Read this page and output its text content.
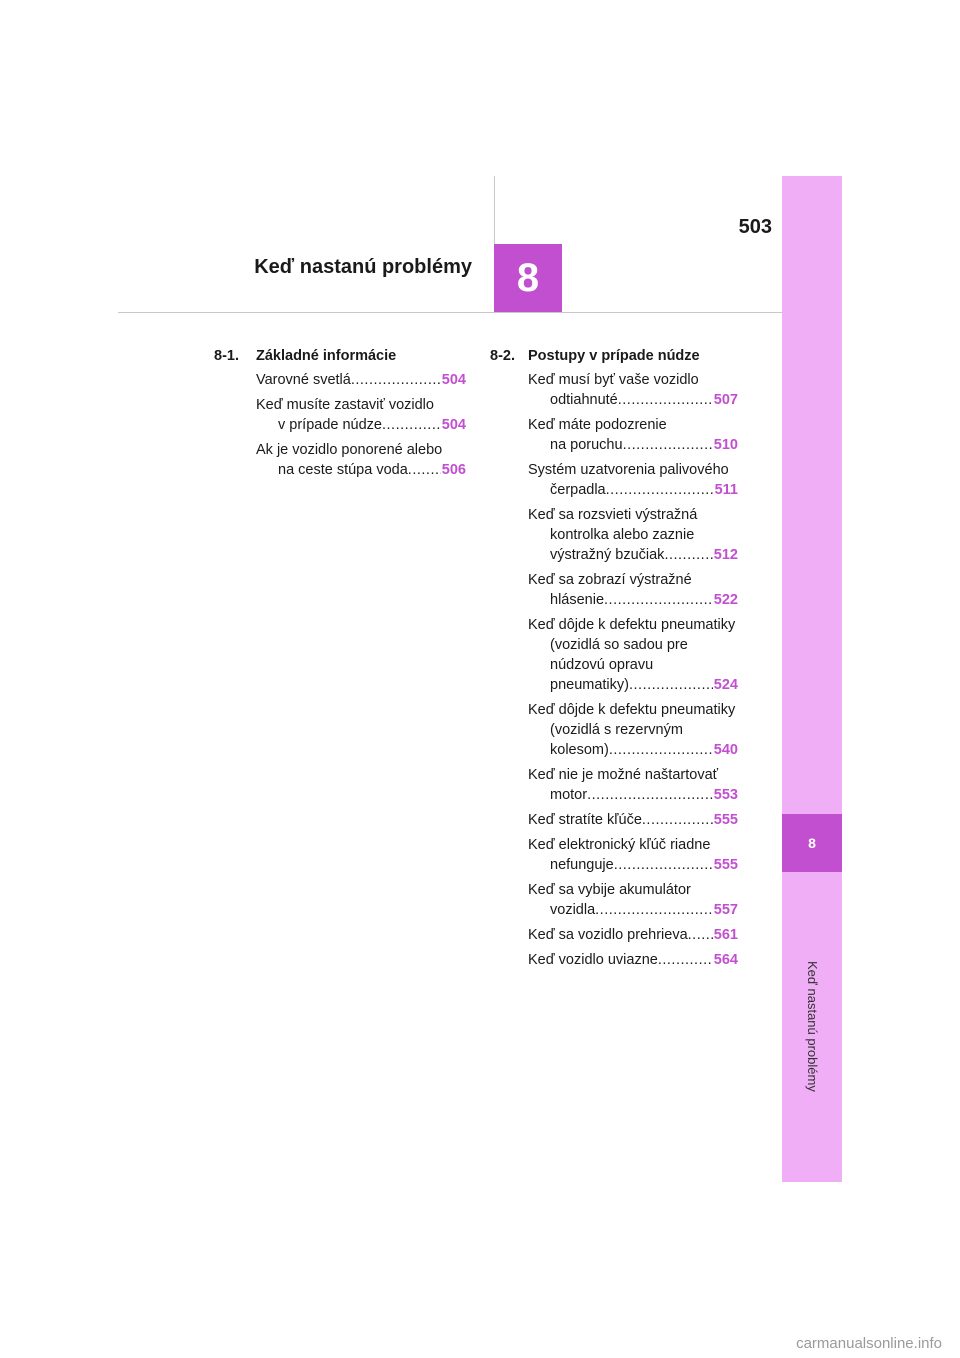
8
Keď nastanú problémy
503
Keď nastanú problémy	8
8-1.	Základné informácie
Varovné svetlá .....	504
Keď musíte zastaviť vozidlo
v prípade núdze .....	504
Ak je vozidlo ponorené alebo
na ceste stúpa voda ..... 506
8-2. Postupy v prípade núdze
Keď musí byť vaše vozidlo
odtiahnuté .....	507
Keď máte podozrenie
na poruchu .....	510
Systém uzatvorenia palivového
čerpadla .....	511
Keď sa rozsvieti výstražná
kontrolka alebo zaznie
výstražný bzučiak .....	512
Keď sa zobrazí výstražné
hlásenie .....	522
Keď dôjde k defektu pneumatiky
(vozidlá so sadou pre
núdzovú opravu
pneumatiky) .....	524
Keď dôjde k defektu pneumatiky
(vozidlá s rezervným
kolesom) .....	540
Keď nie je možné naštartovať
motor .....	553
Keď stratíte kľúče .....	555
Keď elektronický kľúč riadne
nefunguje .....	555
Keď sa vybije akumulátor
vozidla .....	557
Keď sa vozidlo prehrieva ..... 561
Keď vozidlo uviazne .....	564
carmanualsonline.info
